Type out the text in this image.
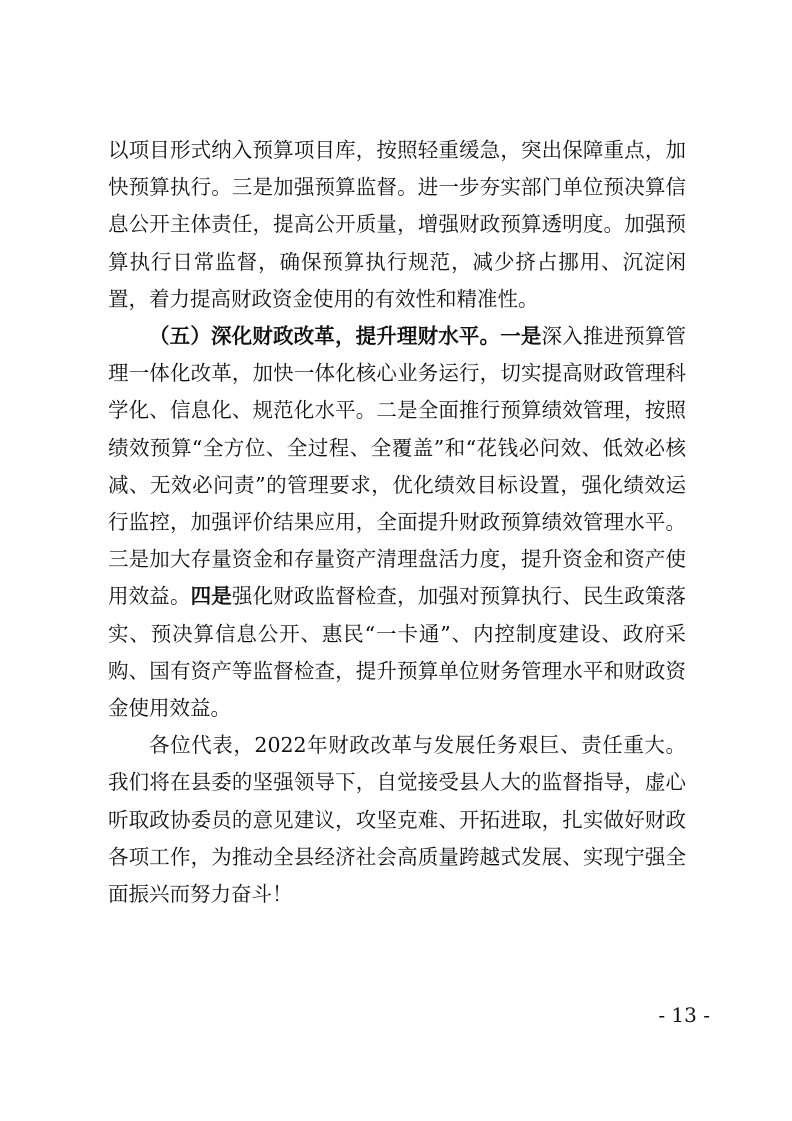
以项目形式纳入预算项目库，按照轻重缓急，突出保障重点，加快预算执行。三是加强预算监督。进一步夯实部门单位预决算信息公开主体责任，提高公开质量，增强财政预算透明度。加强预算执行日常监督，确保预算执行规范，减少挤占挪用、沉淀闲置，着力提高财政资金使用的有效性和精准性。

（五）深化财政改革，提升理财水平。一是深入推进预算管理一体化改革，加快一体化核心业务运行，切实提高财政管理科学化、信息化、规范化水平。二是全面推行预算绩效管理，按照绩效预算“全方位、全过程、全覆盖”和“花钱必问效、低效必核减、无效必问责”的管理要求，优化绩效目标设置，强化绩效运行监控，加强评价结果应用，全面提升财政预算绩效管理水平。三是加大存量资金和存量资产清理盘活力度，提升资金和资产使用效益。四是强化财政监督检查，加强对预算执行、民生政策落实、预决算信息公开、惠民“一卡通”、内控制度建设、政府采购、国有资产等监督检查，提升预算单位财务管理水平和财政资金使用效益。

各位代表，2022年财政改革与发展任务艰巨、责任重大。我们将在县委的坚强领导下，自觉接受县人大的监督指导，虚心听取政协委员的意见建议，攻坚克难、开拓进取，扎实做好财政各项工作，为推动全县经济社会高质量跨越式发展、实现宁强全面振兴而努力奋斗！

- 13 -
